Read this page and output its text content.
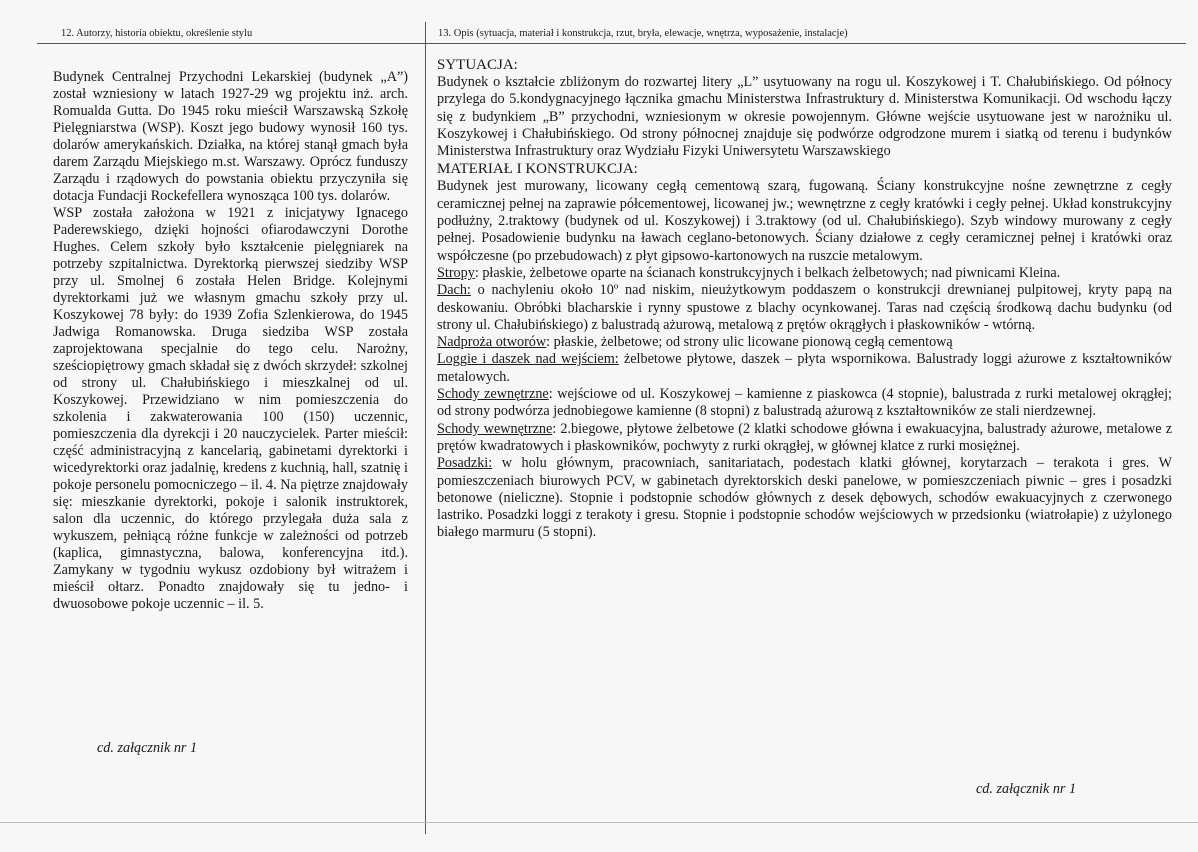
12. Autorzy, historia obiektu, określenie stylu

Budynek Centralnej Przychodni Lekarskiej (budynek „A”) został wzniesiony w latach 1927-29 wg projektu inż. arch. Romualda Gutta. Do 1945 roku mieścił Warszawską Szkołę Pielęgniarstwa (WSP). Koszt jego budowy wynosił 160 tys. dolarów amerykańskich. Działka, na której stanął gmach była darem Zarządu Miejskiego m.st. Warszawy. Oprócz funduszy Zarządu i rządowych do powstania obiektu przyczyniła się dotacja Fundacji Rockefellera wynosząca 100 tys. dolarów.

WSP została założona w 1921 z inicjatywy Ignacego Paderewskiego, dzięki hojności ofiarodawczyni Dorothe Hughes. Celem szkoły było kształcenie pielęgniarek na potrzeby szpitalnictwa. Dyrektorką pierwszej siedziby WSP przy ul. Smolnej 6 została Helen Bridge. Kolejnymi dyrektorkami już we własnym gmachu szkoły przy ul. Koszykowej 78 były: do 1939 Zofia Szlenkierowa, do 1945 Jadwiga Romanowska. Druga siedziba WSP została zaprojektowana specjalnie do tego celu. Narożny, sześciopiętrowy gmach składał się z dwóch skrzydeł: szkolnej od strony ul. Chałubińskiego i mieszkalnej od ul. Koszykowej. Przewidziano w nim pomieszczenia do szkolenia i zakwaterowania 100 (150) uczennic, pomieszczenia dla dyrekcji i 20 nauczycielek. Parter mieścił: część administracyjną z kancelarią, gabinetami dyrektorki i wicedyrektorki oraz jadalnię, kredens z kuchnią, hall, szatnię i pokoje personelu pomocniczego – il. 4. Na piętrze znajdowały się: mieszkanie dyrektorki, pokoje i salonik instruktorek, salon dla uczennic, do którego przylegała duża sala z wykuszem, pełniącą różne funkcje w zależności od potrzeb (kaplica, gimnastyczna, balowa, konferencyjna itd.). Zamykany w tygodniu wykusz ozdobiony był witrażem i mieścił ołtarz. Ponadto znajdowały się tu jedno- i dwuosobowe pokoje uczennic – il. 5.

cd. załącznik nr 1
13. Opis (sytuacja, materiał i konstrukcja, rzut, bryła, elewacje, wnętrza, wyposażenie, instalacje)

SYTUACJA:

Budynek o kształcie zbliżonym do rozwartej litery „L” usytuowany na rogu ul. Koszykowej i T. Chałubińskiego. Od północy przylega do 5.kondygnacyjnego łącznika gmachu Ministerstwa Infrastruktury d. Ministerstwa Komunikacji. Od wschodu łączy się z budynkiem „B” przychodni, wzniesionym w okresie powojennym. Główne wejście usytuowane jest w narożniku ul. Koszykowej i Chałubińskiego. Od strony północnej znajduje się podwórze odgrodzone murem i siatką od terenu i budynków Ministerstwa Infrastruktury oraz Wydziału Fizyki Uniwersytetu Warszawskiego

MATERIAŁ I KONSTRUKCJA:

Budynek jest murowany, licowany cegłą cementową szarą, fugowaną. Ściany konstrukcyjne nośne zewnętrzne z cegły ceramicznej pełnej na zaprawie półcementowej, licowanej jw.; wewnętrzne z cegły kratówki i cegły pełnej. Układ konstrukcyjny podłużny, 2.traktowy (budynek od ul. Koszykowej) i 3.traktowy (od ul. Chałubińskiego). Szyb windowy murowany z cegły pełnej. Posadowienie budynku na ławach ceglano-betonowych. Ściany działowe z cegły ceramicznej pełnej i kratówki oraz współczesne (po przebudowach) z płyt gipsowo-kartonowych na ruszcie metalowym.

Stropy: płaskie, żelbetowe oparte na ścianach konstrukcyjnych i belkach żelbetowych; nad piwnicami Kleina.

Dach: o nachyleniu około 10º nad niskim, nieużytkowym poddaszem o konstrukcji drewnianej pulpitowej, kryty papą na deskowaniu. Obróbki blacharskie i rynny spustowe z blachy ocynkowanej. Taras nad częścią środkową dachu budynku (od strony ul. Chałubińskiego) z balustradą ażurową, metalową z prętów okrągłych i płaskowników - wtórną.

Nadproża otworów: płaskie, żelbetowe; od strony ulic licowane pionową cegłą cementową

Loggie i daszek nad wejściem: żelbetowe płytowe, daszek – płyta wspornikowa. Balustrady loggi ażurowe z kształtowników metalowych.

Schody zewnętrzne: wejściowe od ul. Koszykowej – kamienne z piaskowca (4 stopnie), balustrada z rurki metalowej okrągłej; od strony podwórza jednobiegowe kamienne (8 stopni) z balustradą ażurową z kształtowników ze stali nierdzewnej.

Schody wewnętrzne: 2.biegowe, płytowe żelbetowe (2 klatki schodowe główna i ewakuacyjna, balustrady ażurowe, metalowe z prętów kwadratowych i płaskowników, pochwyty z rurki okrągłej, w głównej klatce z rurki mosiężnej.

Posadzki: w holu głównym, pracowniach, sanitariatach, podestach klatki głównej, korytarzach – terakota i gres. W pomieszczeniach biurowych PCV, w gabinetach dyrektorskich deski panelowe, w pomieszczeniach piwnic – gres i posadzki betonowe (nieliczne). Stopnie i podstopnie schodów głównych z desek dębowych, schodów ewakuacyjnych z czerwonego lastriko. Posadzki loggi z terakoty i gresu. Stopnie i podstopnie schodów wejściowych w przedsionku (wiatrołapie) z użylonego białego marmuru (5 stopni).

cd. załącznik nr 1
